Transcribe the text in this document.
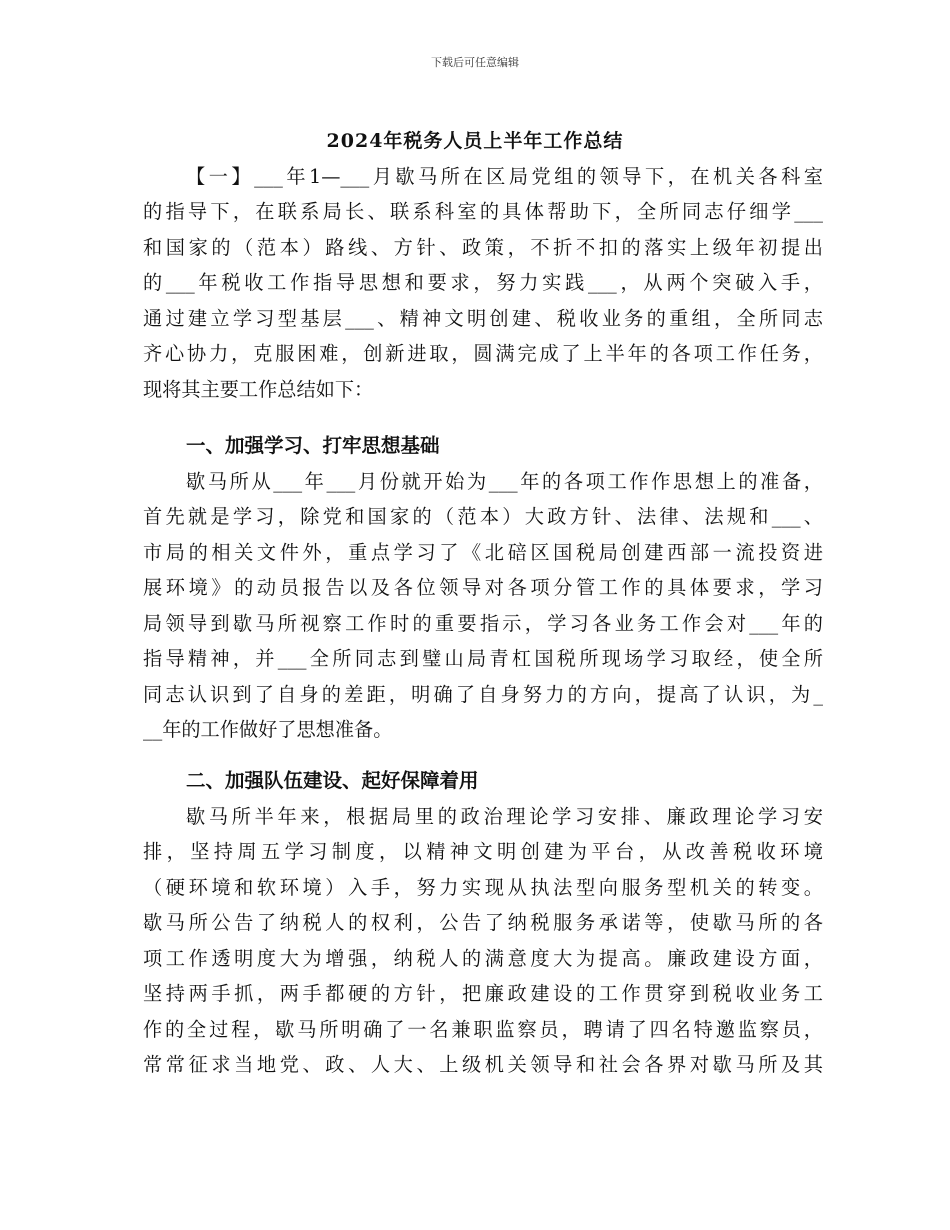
下载后可任意编辑
2024年税务人员上半年工作总结
【一】___年1—___月歇马所在区局党组的领导下，在机关各科室
的指导下，在联系局长、联系科室的具体帮助下，全所同志仔细学___
和国家的（范本）路线、方针、政策，不折不扣的落实上级年初提出
的___年税收工作指导思想和要求，努力实践___，从两个突破入手，
通过建立学习型基层___、精神文明创建、税收业务的重组，全所同志
齐心协力，克服困难，创新进取，圆满完成了上半年的各项工作任务，
现将其主要工作总结如下：
一、加强学习、打牢思想基础
歇马所从___年___月份就开始为___年的各项工作作思想上的准备，
首先就是学习，除党和国家的（范本）大政方针、法律、法规和___、
市局的相关文件外，重点学习了《北碚区国税局创建西部一流投资进
展环境》的动员报告以及各位领导对各项分管工作的具体要求，学习
局领导到歇马所视察工作时的重要指示，学习各业务工作会对___年的
指导精神，并___全所同志到璧山局青杠国税所现场学习取经，使全所
同志认识到了自身的差距，明确了自身努力的方向，提高了认识，为_
__年的工作做好了思想准备。
二、加强队伍建设、起好保障着用
歇马所半年来，根据局里的政治理论学习安排、廉政理论学习安
排，坚持周五学习制度，以精神文明创建为平台，从改善税收环境
（硬环境和软环境）入手，努力实现从执法型向服务型机关的转变。
歇马所公告了纳税人的权利，公告了纳税服务承诺等，使歇马所的各
项工作透明度大为增强，纳税人的满意度大为提高。廉政建设方面，
坚持两手抓，两手都硬的方针，把廉政建设的工作贯穿到税收业务工
作的全过程，歇马所明确了一名兼职监察员，聘请了四名特邀监察员，
常常征求当地党、政、人大、上级机关领导和社会各界对歇马所及其
